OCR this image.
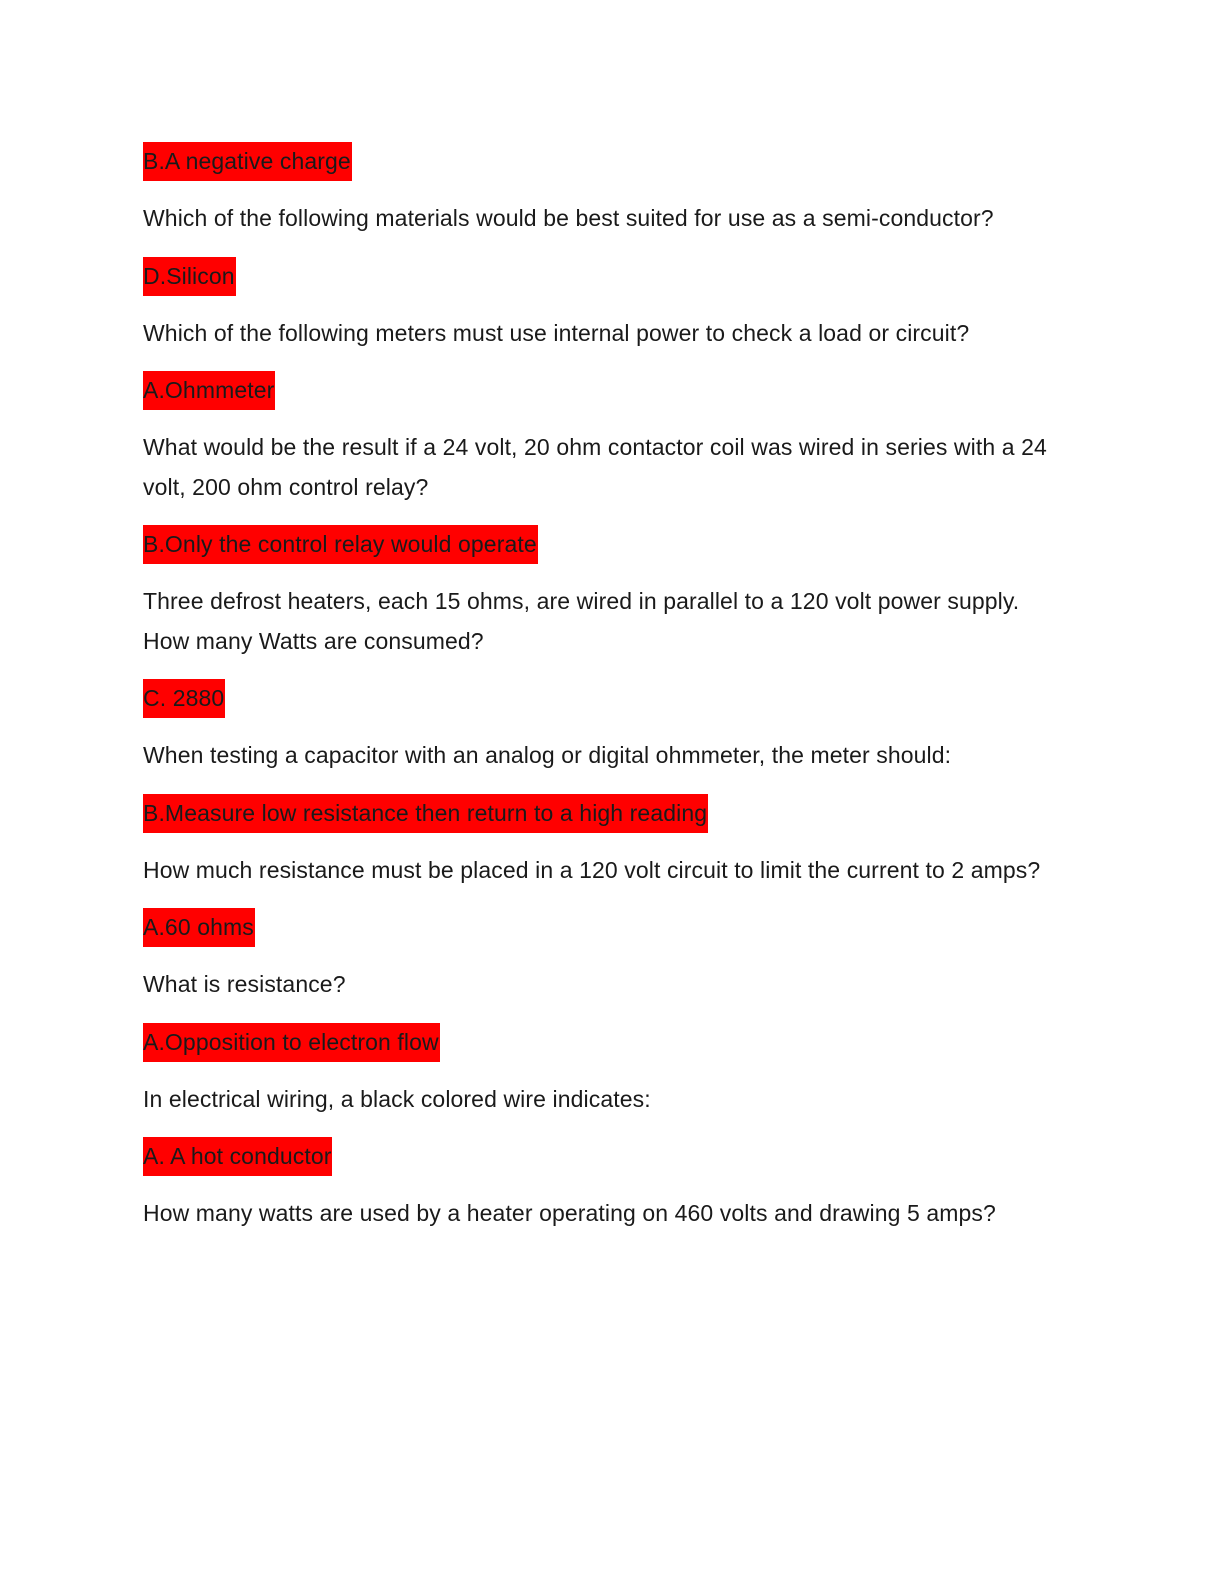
B.A negative charge
Which of the following materials would be best suited for use as a semi-conductor?
D.Silicon
Which of the following meters must use internal power to check a load or circuit?
A.Ohmmeter
What would be the result if a 24 volt, 20 ohm contactor coil was wired in series with a 24 volt, 200 ohm control relay?
B.Only the control relay would operate
Three defrost heaters, each 15 ohms, are wired in parallel to a 120 volt power supply. How many Watts are consumed?
C. 2880
When testing a capacitor with an analog or digital ohmmeter, the meter should:
B.Measure low resistance then return to a high reading
How much resistance must be placed in a 120 volt circuit to limit the current to 2 amps?
A.60 ohms
What is resistance?
A.Opposition to electron flow
In electrical wiring, a black colored wire indicates:
A. A hot conductor
How many watts are used by a heater operating on 460 volts and drawing 5 amps?
